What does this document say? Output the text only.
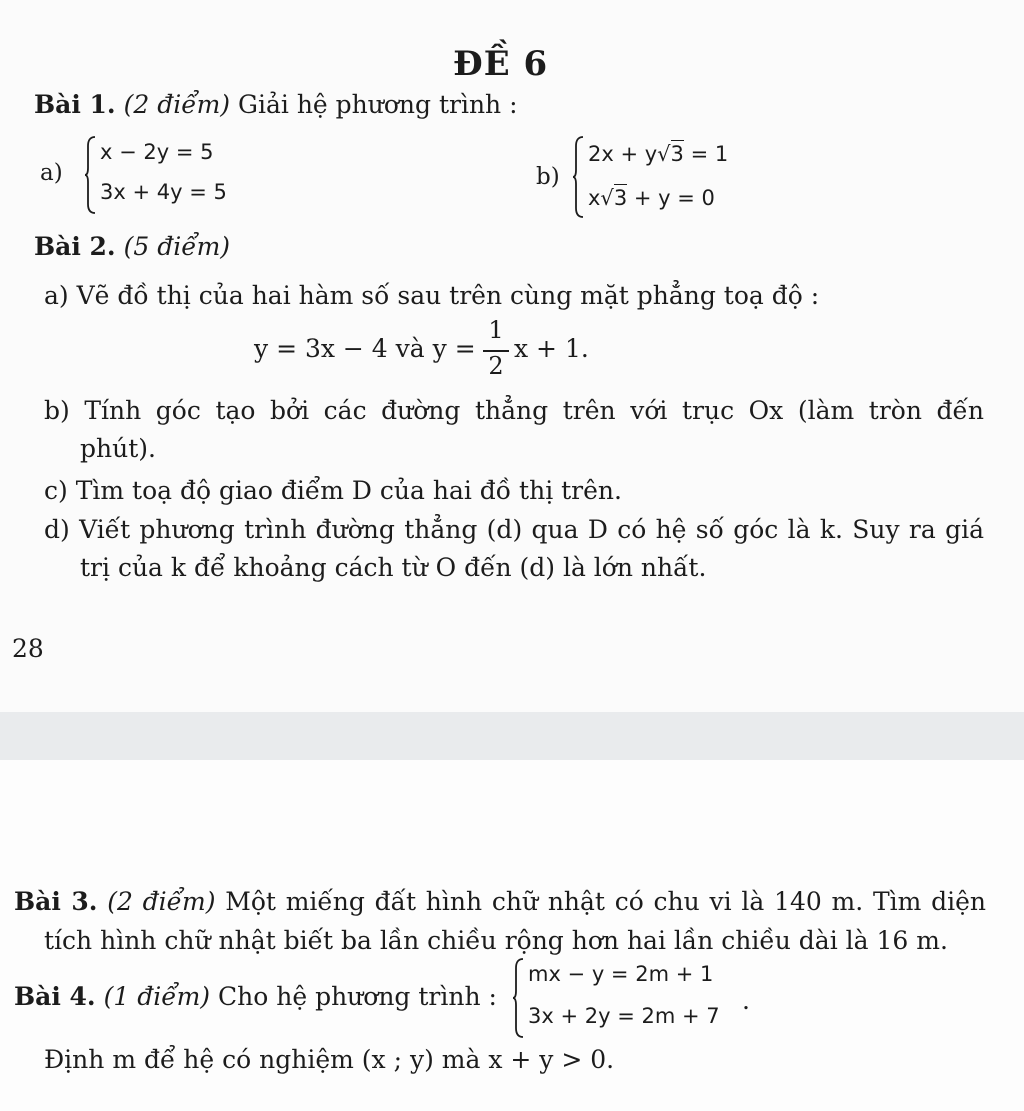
ĐỀ 6
Bài 1. (2 điểm) Giải hệ phương trình :
a)
x − 2y = 5
3x + 4y = 5
b)
2x + y√3 = 1
x√3 + y = 0
Bài 2. (5 điểm)
a) Vẽ đồ thị của hai hàm số sau trên cùng mặt phẳng toạ độ :
y = 3x − 4 và y =
1
2
x + 1.
b) Tính góc tạo bởi các đường thẳng trên với trục Ox (làm tròn đến
phút).
c) Tìm toạ độ giao điểm D của hai đồ thị trên.
d) Viết phương trình đường thẳng (d) qua D có hệ số góc là k. Suy ra giá
trị của k để khoảng cách từ O đến (d) là lớn nhất.
28
Bài 3. (2 điểm) Một miếng đất hình chữ nhật có chu vi là 140 m. Tìm diện
tích hình chữ nhật biết ba lần chiều rộng hơn hai lần chiều dài là 16 m.
Bài 4. (1 điểm) Cho hệ phương trình :
mx − y = 2m + 1
3x + 2y = 2m + 7
.
Định m để hệ có nghiệm (x ; y) mà x + y > 0.
